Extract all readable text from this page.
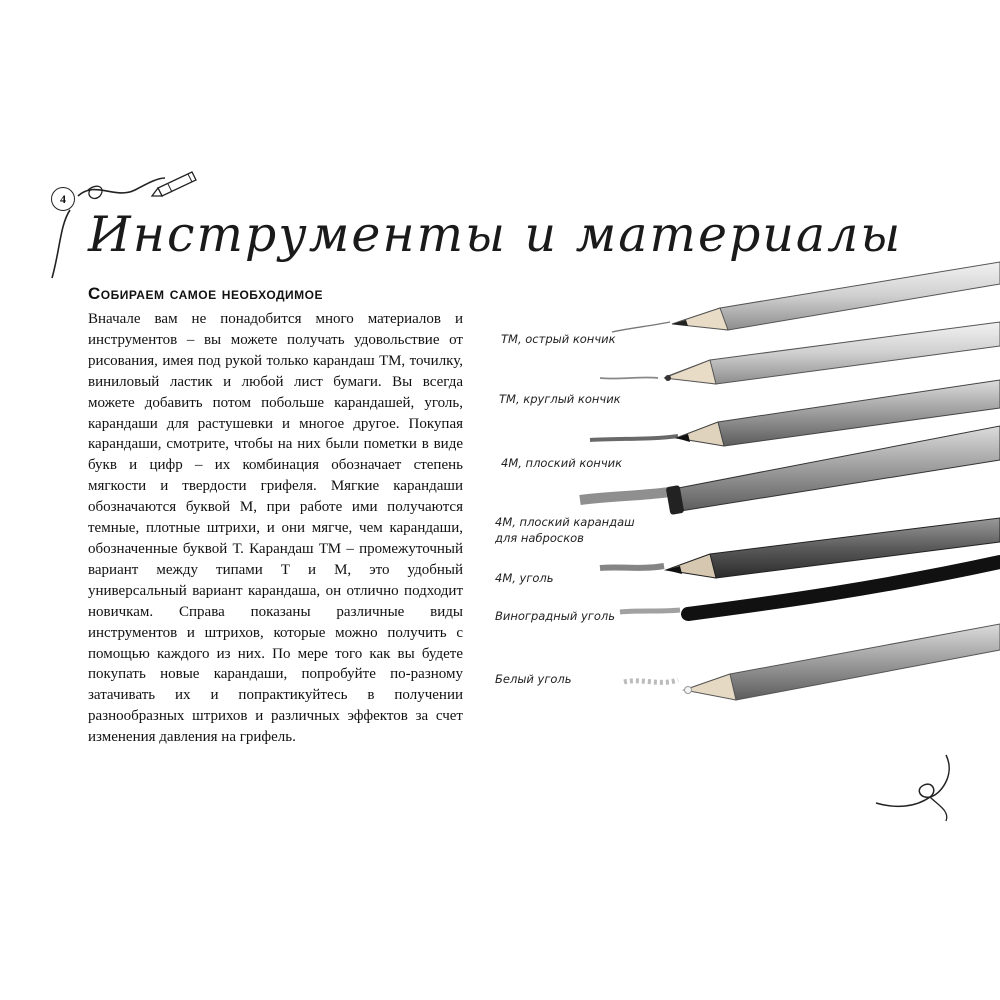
4
Инструменты и материалы
Собираем самое необходимое

Вначале вам не понадобится много материалов и инструментов – вы можете получать удовольствие от рисования, имея под рукой только карандаш ТМ, точилку, виниловый ластик и любой лист бумаги. Вы всегда можете добавить потом побольше карандашей, уголь, карандаши для растушевки и многое другое. Покупая карандаши, смотрите, чтобы на них были пометки в виде букв и цифр – их комбинация обозначает степень мягкости и твердости грифеля. Мягкие карандаши обозначаются буквой М, при работе ими получаются темные, плотные штрихи, и они мягче, чем карандаши, обозначенные буквой Т. Карандаш ТМ – промежуточный вариант между типами Т и М, это удобный универсальный вариант карандаша, он отлично подходит новичкам. Справа показаны различные виды инструментов и штрихов, которые можно получить с помощью каждого из них. По мере того как вы будете покупать новые карандаши, попробуйте по-разному затачивать их и попрактикуйтесь в получении разнообразных штрихов и различных эффектов за счет изменения давления на грифель.

ТМ, острый кончик
ТМ, круглый кончик
4М, плоский кончик
4М, плоский карандаш
для набросков
4М, уголь
Виноградный уголь
Белый уголь
